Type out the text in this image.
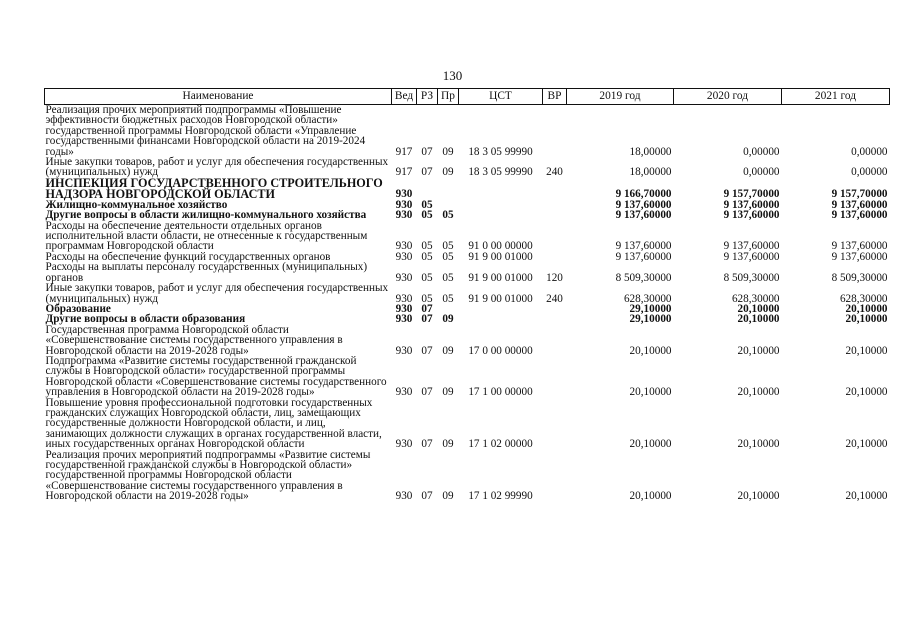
130
Наименование	Вед	РЗ	Пр	ЦСТ	ВР	2019 год	2020 год	2021 год
Реализация прочих мероприятий подпрограммы «Повышение эффективности бюджетных расходов Новгородской области» государственной программы Новгородской области «Управление государственными финансами Новгородской области на 2019-2024 годы»	917	07	09	18 3 05 99990		18,00000	0,00000	0,00000
Иные закупки товаров, работ и услуг для обеспечения государственных (муниципальных) нужд	917	07	09	18 3 05 99990	240	18,00000	0,00000	0,00000
ИНСПЕКЦИЯ ГОСУДАРСТВЕННОГО СТРОИТЕЛЬНОГО НАДЗОРА НОВГОРОДСКОЙ ОБЛАСТИ	930					9 166,70000	9 157,70000	9 157,70000
Жилищно-коммунальное хозяйство	930	05				9 137,60000	9 137,60000	9 137,60000
Другие вопросы в области жилищно-коммунального хозяйства	930	05	05			9 137,60000	9 137,60000	9 137,60000
Расходы на обеспечение деятельности отдельных органов исполнительной власти области, не отнесенные к государственным программам Новгородской области	930	05	05	91 0 00 00000		9 137,60000	9 137,60000	9 137,60000
Расходы на обеспечение функций государственных органов	930	05	05	91 9 00 01000		9 137,60000	9 137,60000	9 137,60000
Расходы на выплаты персоналу государственных (муниципальных) органов	930	05	05	91 9 00 01000	120	8 509,30000	8 509,30000	8 509,30000
Иные закупки товаров, работ и услуг для обеспечения государственных (муниципальных) нужд	930	05	05	91 9 00 01000	240	628,30000	628,30000	628,30000
Образование	930	07				29,10000	20,10000	20,10000
Другие вопросы в области образования	930	07	09			29,10000	20,10000	20,10000
Государственная программа Новгородской области «Совершенствование системы государственного управления в Новгородской области на 2019-2028 годы»	930	07	09	17 0 00 00000		20,10000	20,10000	20,10000
Подпрограмма «Развитие системы государственной гражданской службы в Новгородской области» государственной программы Новгородской области «Совершенствование системы государственного управления в Новгородской области на 2019-2028 годы»	930	07	09	17 1 00 00000		20,10000	20,10000	20,10000
Повышение уровня профессиональной подготовки государственных гражданских служащих Новгородской области, лиц, замещающих государственные должности Новгородской области, и лиц, занимающих должности служащих в органах государственной власти, иных государственных органах Новгородской области	930	07	09	17 1 02 00000		20,10000	20,10000	20,10000
Реализация прочих мероприятий подпрограммы «Развитие системы государственной гражданской службы в Новгородской области» государственной программы Новгородской области «Совершенствование системы государственного управления в Новгородской области на 2019-2028 годы»	930	07	09	17 1 02 99990		20,10000	20,10000	20,10000
